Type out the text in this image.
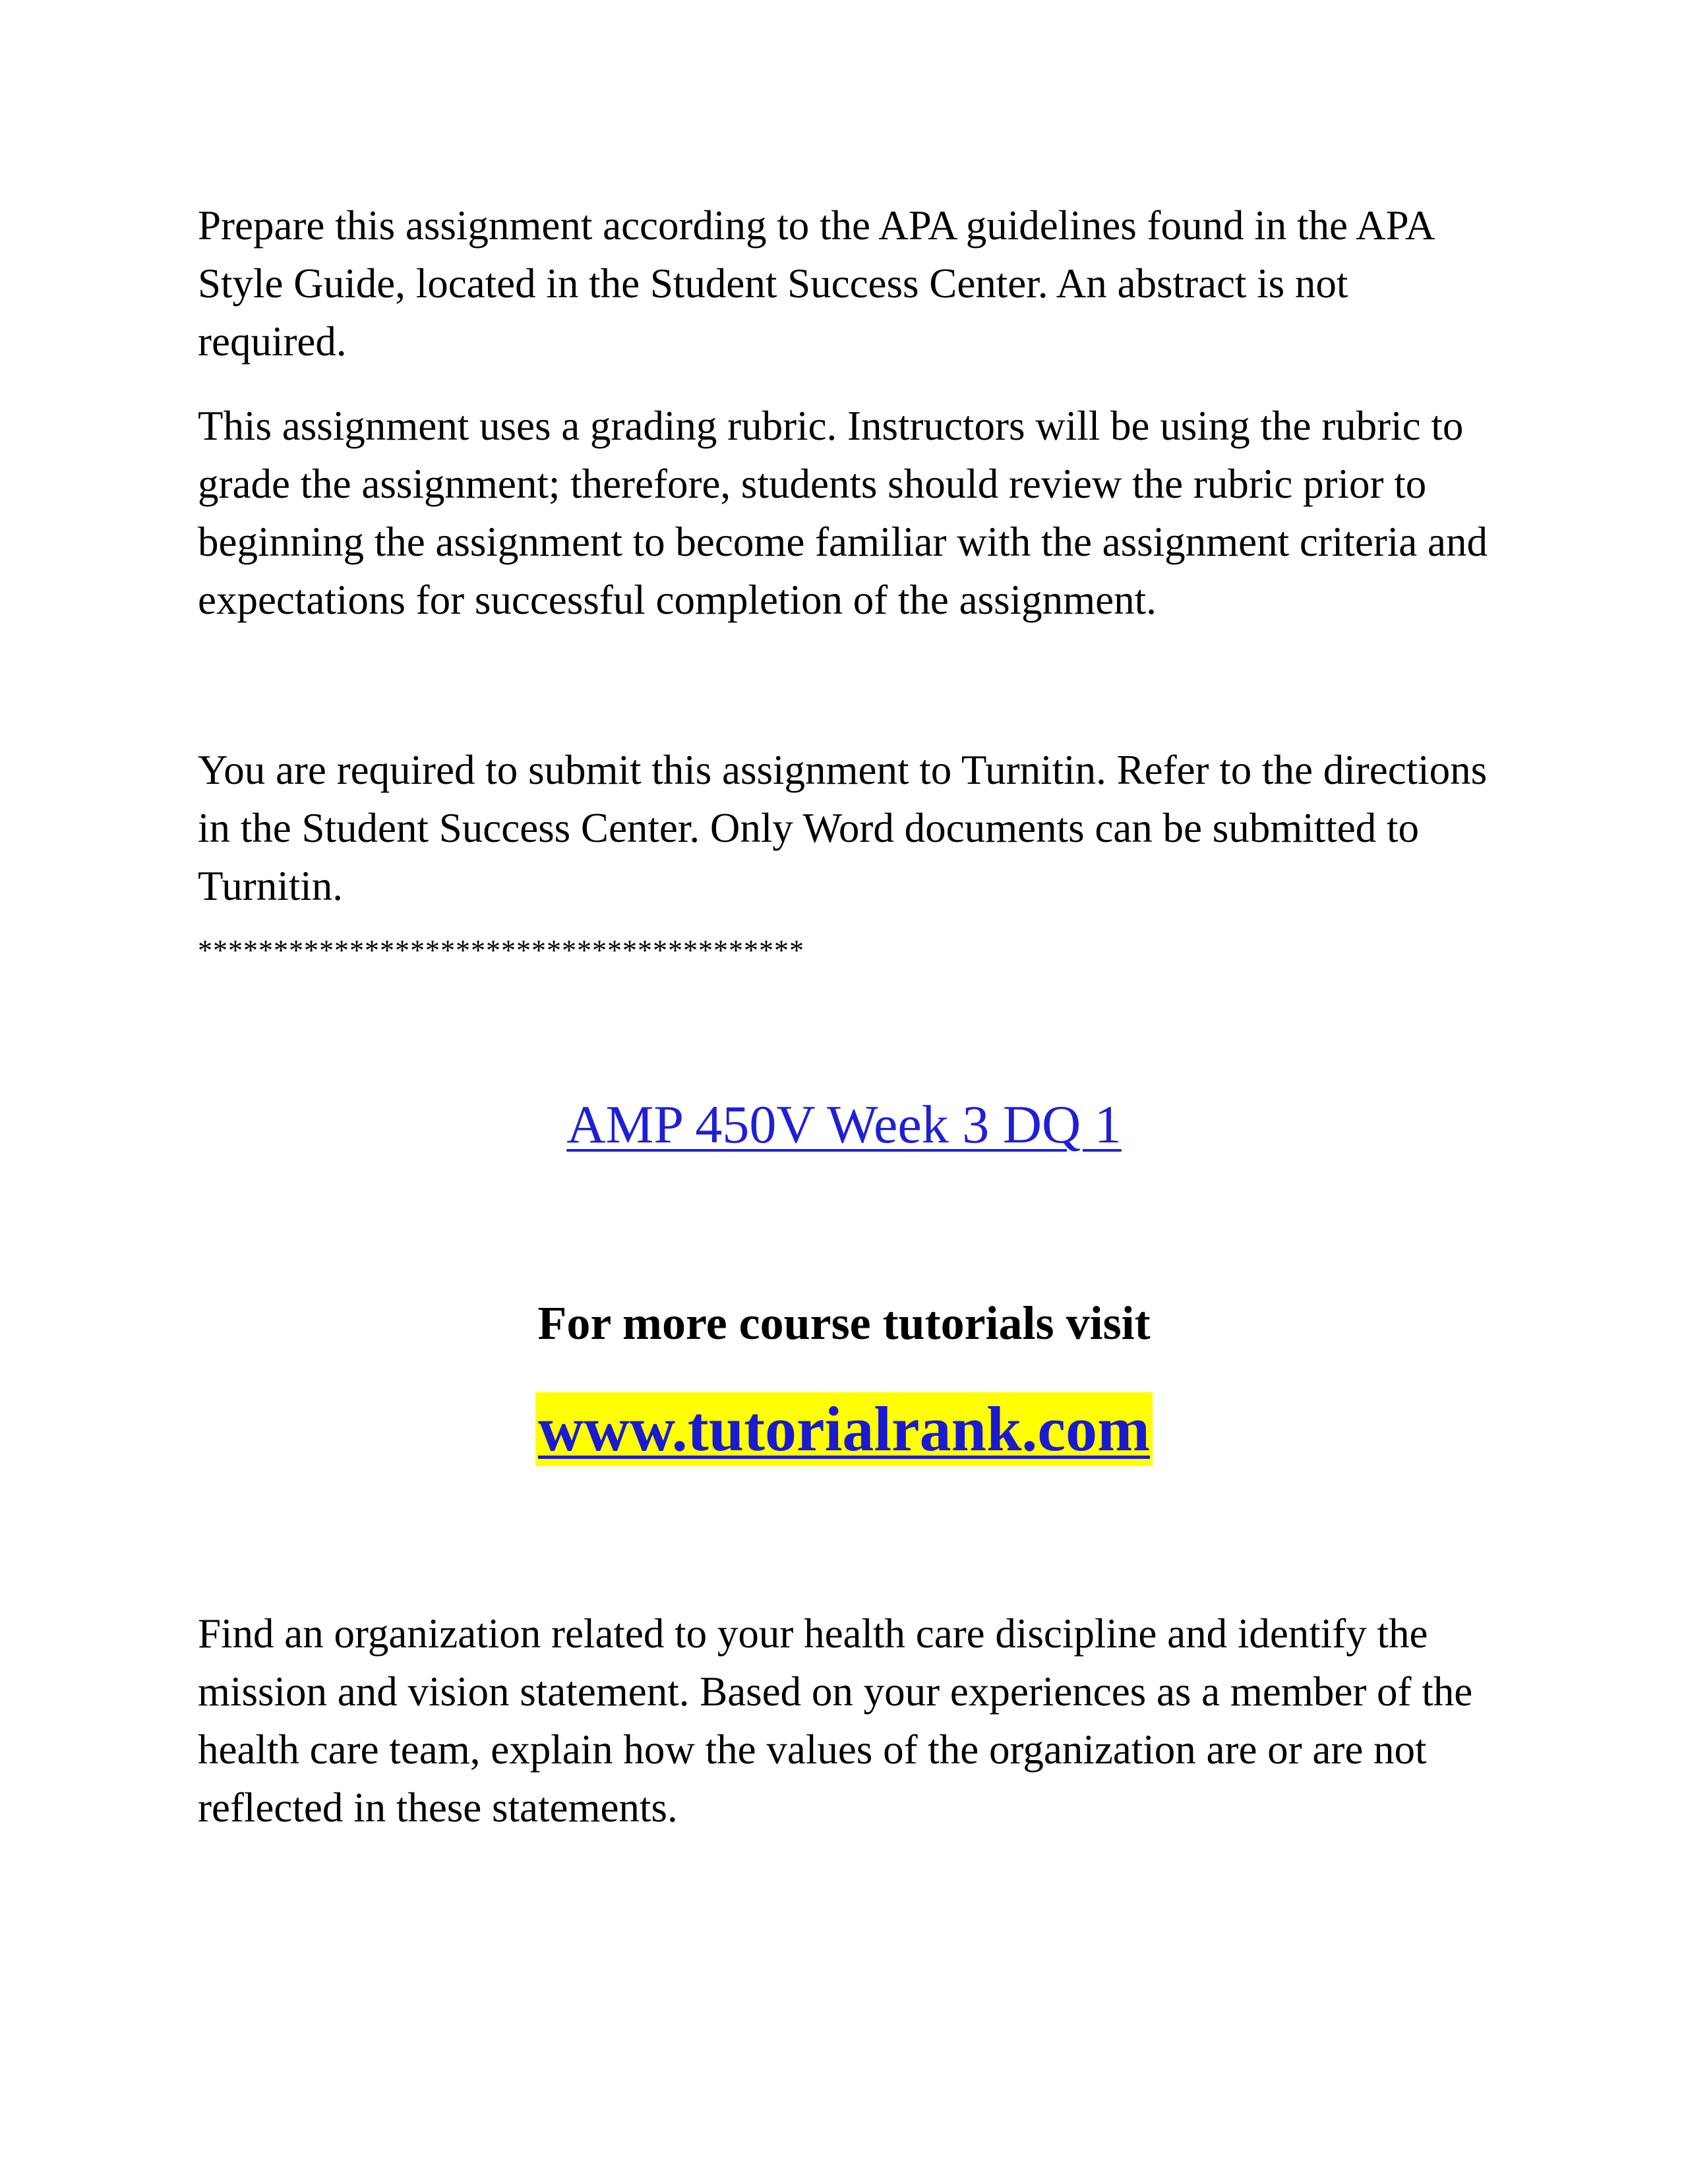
Prepare this assignment according to the APA guidelines found in the APA Style Guide, located in the Student Success Center. An abstract is not required.

This assignment uses a grading rubric. Instructors will be using the rubric to grade the assignment; therefore, students should review the rubric prior to beginning the assignment to become familiar with the assignment criteria and expectations for successful completion of the assignment.

You are required to submit this assignment to Turnitin. Refer to the directions in the Student Success Center. Only Word documents can be submitted to Turnitin.

****************************************

AMP 450V Week 3 DQ 1

For more course tutorials visit

www.tutorialrank.com

Find an organization related to your health care discipline and identify the mission and vision statement. Based on your experiences as a member of the health care team, explain how the values of the organization are or are not reflected in these statements.
